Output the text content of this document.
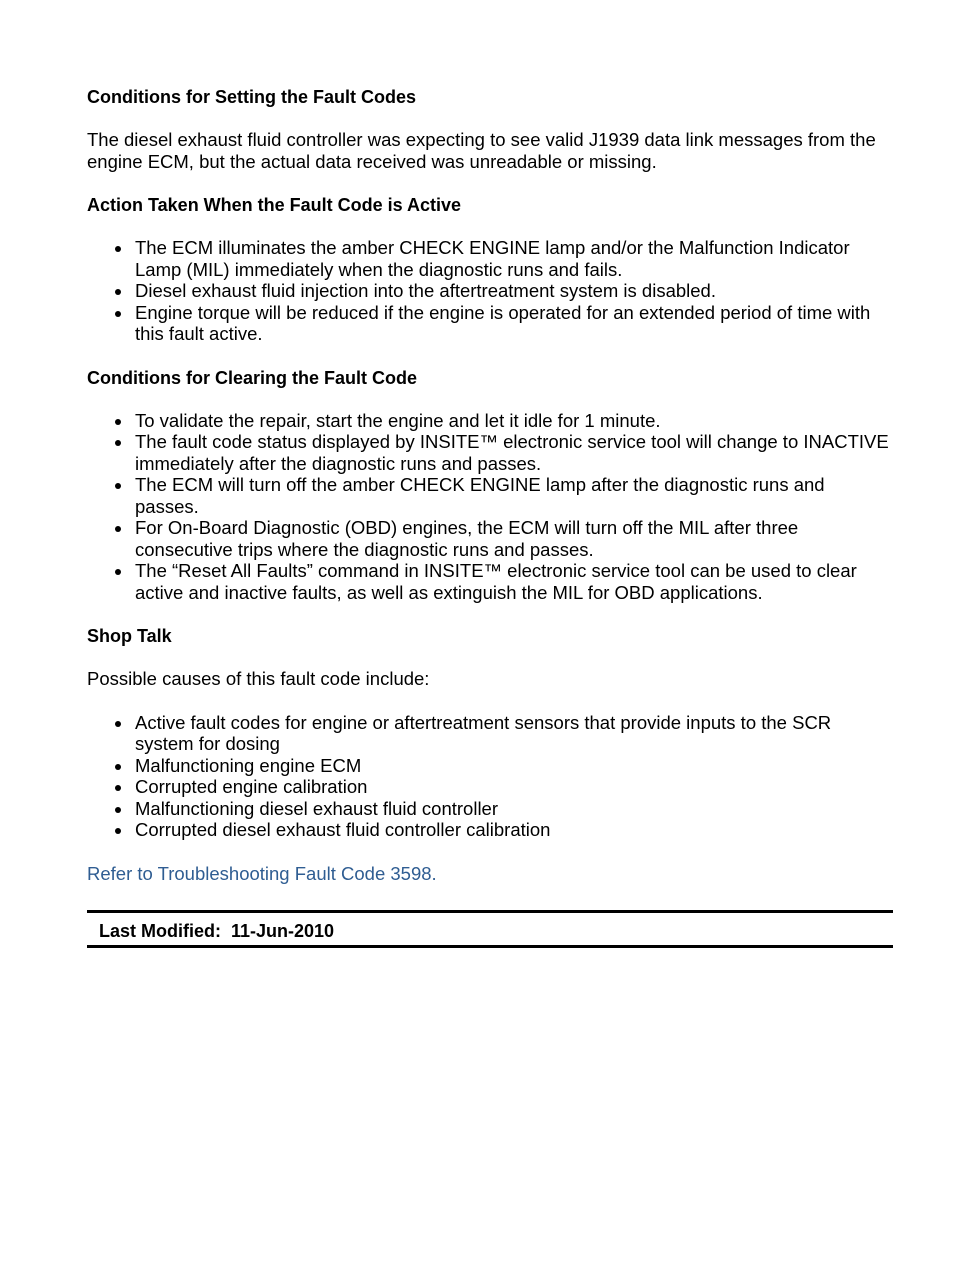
Conditions for Setting the Fault Codes
The diesel exhaust fluid controller was expecting to see valid J1939 data link messages from the engine ECM, but the actual data received was unreadable or missing.
Action Taken When the Fault Code is Active
The ECM illuminates the amber CHECK ENGINE lamp and/or the Malfunction Indicator Lamp (MIL) immediately when the diagnostic runs and fails.
Diesel exhaust fluid injection into the aftertreatment system is disabled.
Engine torque will be reduced if the engine is operated for an extended period of time with this fault active.
Conditions for Clearing the Fault Code
To validate the repair, start the engine and let it idle for 1 minute.
The fault code status displayed by INSITE™ electronic service tool will change to INACTIVE immediately after the diagnostic runs and passes.
The ECM will turn off the amber CHECK ENGINE lamp after the diagnostic runs and passes.
For On-Board Diagnostic (OBD) engines, the ECM will turn off the MIL after three consecutive trips where the diagnostic runs and passes.
The “Reset All Faults” command in INSITE™ electronic service tool can be used to clear active and inactive faults, as well as extinguish the MIL for OBD applications.
Shop Talk
Possible causes of this fault code include:
Active fault codes for engine or aftertreatment sensors that provide inputs to the SCR system for dosing
Malfunctioning engine ECM
Corrupted engine calibration
Malfunctioning diesel exhaust fluid controller
Corrupted diesel exhaust fluid controller calibration
Refer to Troubleshooting Fault Code 3598.
Last Modified:  11-Jun-2010
